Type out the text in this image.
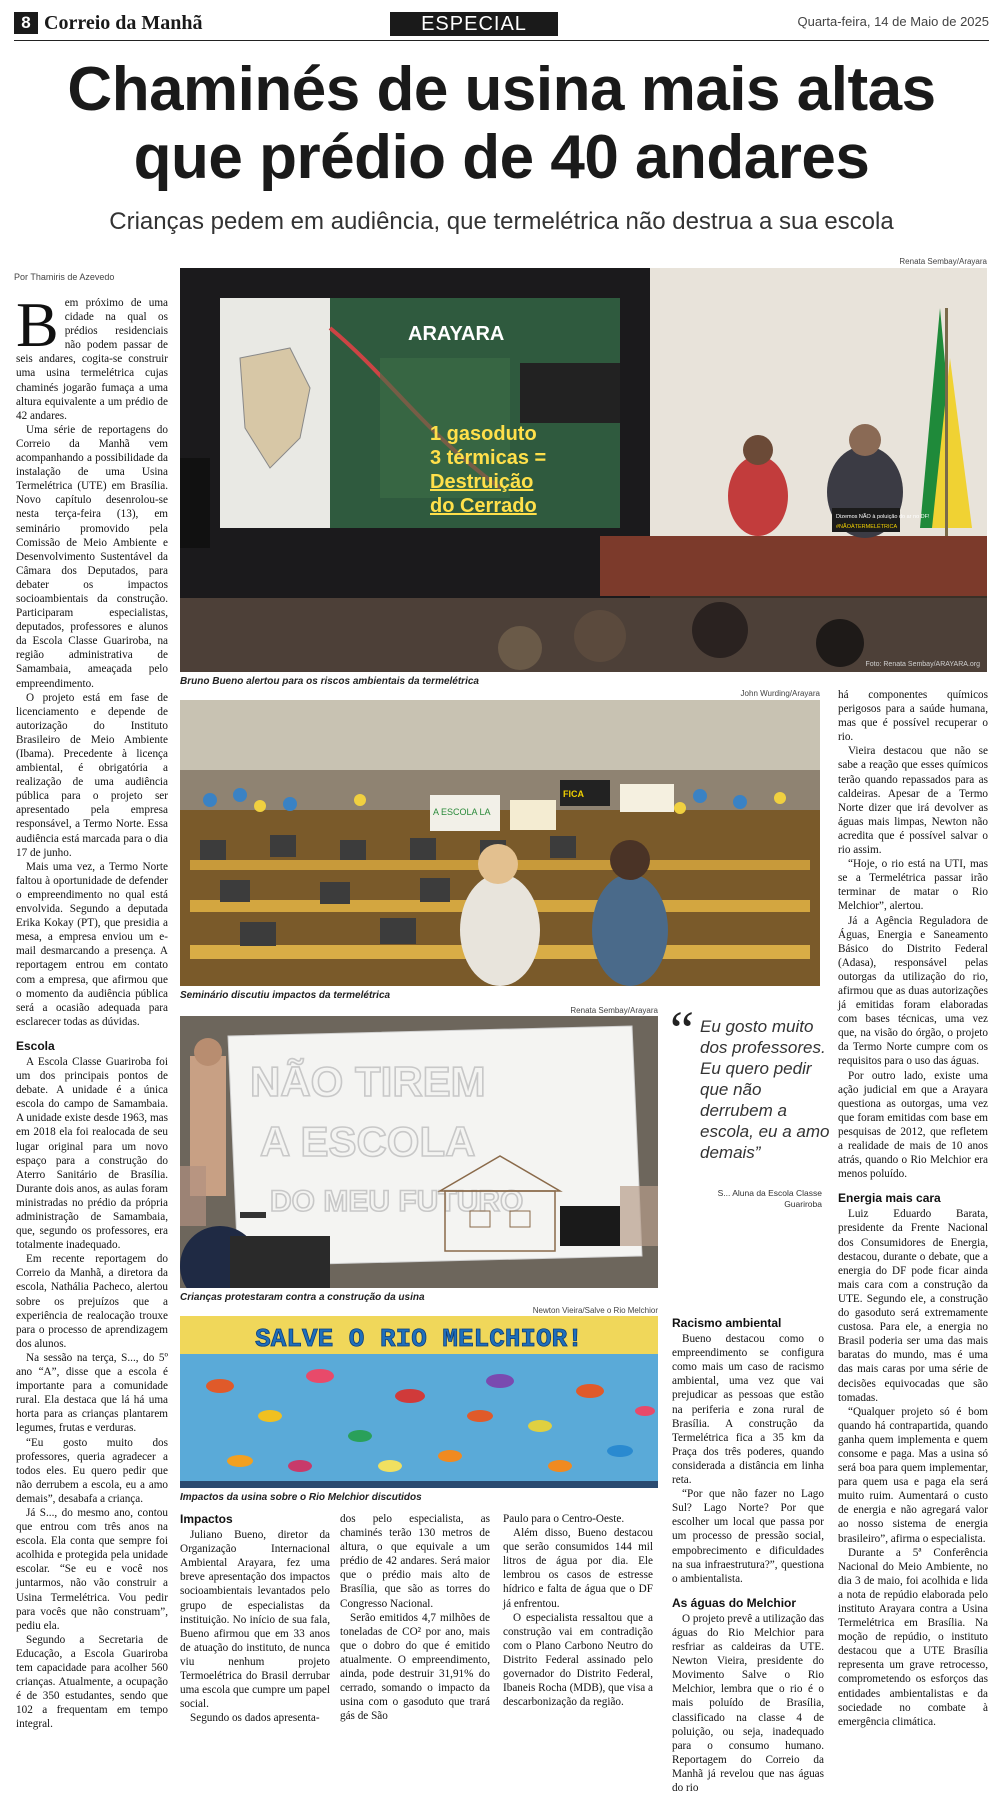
8 Correio da Manhã	ESPECIAL	Quarta-feira, 14 de Maio de 2025
Chaminés de usina mais altas
que prédio de 40 andares
Crianças pedem em audiência, que termelétrica não destrua a sua escola
Por Thamiris de Azevedo

Bem próximo de uma cidade na qual os prédios residenciais não podem passar de seis andares, cogita-se construir uma usina termelétrica cujas chaminés jogarão fumaça a uma altura equivalente a um prédio de 42 andares.

Uma série de reportagens do Correio da Manhã vem acompanhando a possibilidade da instalação de uma Usina Termelétrica (UTE) em Brasília. Novo capítulo desenrolou-se nesta terça-feira (13), em seminário promovido pela Comissão de Meio Ambiente e Desenvolvimento Sustentável da Câmara dos Deputados, para debater os impactos socioambientais da construção. Participaram especialistas, deputados, professores e alunos da Escola Classe Guariroba, na região administrativa de Samambaia, ameaçada pelo empreendimento.

O projeto está em fase de licenciamento e depende de autorização do Instituto Brasileiro de Meio Ambiente (Ibama). Precedente à licença ambiental, é obrigatória a realização de uma audiência pública para o projeto ser apresentado pela empresa responsável, a Termo Norte. Essa audiência está marcada para o dia 17 de junho.

Mais uma vez, a Termo Norte faltou à oportunidade de defender o empreendimento no qual está envolvida. Segundo a deputada Erika Kokay (PT), que presidia a mesa, a empresa enviou um e-mail desmarcando a presença. A reportagem entrou em contato com a empresa, que afirmou que o momento da audiência pública será a ocasião adequada para esclarecer todas as dúvidas.

Escola

A Escola Classe Guariroba foi um dos principais pontos de debate. A unidade é a única escola do campo de Samambaia. A unidade existe desde 1963, mas em 2018 ela foi realocada de seu lugar original para um novo espaço para a construção do Aterro Sanitário de Brasília. Durante dois anos, as aulas foram ministradas no prédio da própria administração de Samambaia, que, segundo os professores, era totalmente inadequado.

Em recente reportagem do Correio da Manhã, a diretora da escola, Nathália Pacheco, alertou sobre os prejuízos que a experiência de realocação trouxe para o processo de aprendizagem dos alunos.

Na sessão na terça, S..., do 5º ano “A”, disse que a escola é importante para a comunidade rural. Ela destaca que lá há uma horta para as crianças plantarem legumes, frutas e verduras.

“Eu gosto muito dos professores, queria agradecer a todos eles. Eu quero pedir que não derrubem a escola, eu a amo demais”, desabafa a criança.

Já S..., do mesmo ano, contou que entrou com três anos na escola. Ela conta que sempre foi acolhida e protegida pela unidade escolar. “Se eu e você nos juntarmos, não vão construir a Usina Termelétrica. Vou pedir para vocês que não construam”, pediu ela.

Segundo a Secretaria de Educação, a Escola Guariroba tem capacidade para acolher 560 crianças. Atualmente, a ocupação é de 350 estudantes, sendo que 102 a frequentam em tempo integral.

Renata Sembay/Arayara
ARAYARA
1 gasoduto
3 térmicas =
Destruição
do Cerrado	Dizemos NÃO à poluição do ar no DF!
#NÃOÀTERMELÉTRICA
Foto: Renata Sembay/ARAYARA.org
Bruno Bueno alertou para os riscos ambientais da termelétrica
John Wurding/Arayara
FICA
A ESCOLA LA
Seminário discutiu impactos da termelétrica
Renata Sembay/Arayara
NÃO TIREM
A ESCOLA
DO MEU FUTURO
Crianças protestaram contra a construção da usina
“ Eu gosto muito dos professores. Eu quero pedir que não derrubem a escola, eu a amo demais”
S... Aluna da Escola Classe Guariroba
Newton Vieira/Salve o Rio Melchior
SALVE O RIO MELCHIOR!
Impactos da usina sobre o Rio Melchior discutidos
Impactos

Juliano Bueno, diretor da Organização Internacional Ambiental Arayara, fez uma breve apresentação dos impactos socioambientais levantados pelo grupo de especialistas da instituição. No início de sua fala, Bueno afirmou que em 33 anos de atuação do instituto, de nunca viu nenhum projeto Termoelétrica do Brasil derrubar uma escola que cumpre um papel social.

Segundo os dados apresenta-

dos pelo especialista, as chaminés terão 130 metros de altura, o que equivale a um prédio de 42 andares. Será maior que o prédio mais alto de Brasília, que são as torres do Congresso Nacional.

Serão emitidos 4,7 milhões de toneladas de CO² por ano, mais que o dobro do que é emitido atualmente. O empreendimento, ainda, pode destruir 31,91% do cerrado, somando o impacto da usina com o gasoduto que trará gás de São

Paulo para o Centro-Oeste.

Além disso, Bueno destacou que serão consumidos 144 mil litros de água por dia. Ele lembrou os casos de estresse hídrico e falta de água que o DF já enfrentou.

O especialista ressaltou que a construção vai em contradição com o Plano Carbono Neutro do Distrito Federal assinado pelo governador do Distrito Federal, Ibaneis Rocha (MDB), que visa a descarbonização da região.

Racismo ambiental

Bueno destacou como o empreendimento se configura como mais um caso de racismo ambiental, uma vez que vai prejudicar as pessoas que estão na periferia e zona rural de Brasília. A construção da Termelétrica fica a 35 km da Praça dos três poderes, quando considerada a distância em linha reta.

“Por que não fazer no Lago Sul? Lago Norte? Por que escolher um local que passa por um processo de pressão social, empobrecimento e dificuldades na sua infraestrutura?”, questiona o ambientalista.

As águas do Melchior

O projeto prevê a utilização das águas do Rio Melchior para resfriar as caldeiras da UTE. Newton Vieira, presidente do Movimento Salve o Rio Melchior, lembra que o rio é o mais poluído de Brasília, classificado na classe 4 de poluição, ou seja, inadequado para o consumo humano. Reportagem do Correio da Manhã já revelou que nas águas do rio

há componentes químicos perigosos para a saúde humana, mas que é possível recuperar o rio.

Vieira destacou que não se sabe a reação que esses químicos terão quando repassados para as caldeiras. Apesar de a Termo Norte dizer que irá devolver as águas mais limpas, Newton não acredita que é possível salvar o rio assim.

“Hoje, o rio está na UTI, mas se a Termelétrica passar irão terminar de matar o Rio Melchior”, alertou.

Já a Agência Reguladora de Águas, Energia e Saneamento Básico do Distrito Federal (Adasa), responsável pelas outorgas da utilização do rio, afirmou que as duas autorizações já emitidas foram elaboradas com bases técnicas, uma vez que, na visão do órgão, o projeto da Termo Norte cumpre com os requisitos para o uso das águas.

Por outro lado, existe uma ação judicial em que a Arayara questiona as outorgas, uma vez que foram emitidas com base em pesquisas de 2012, que refletem a realidade de mais de 10 anos atrás, quando o Rio Melchior era menos poluído.

Energia mais cara

Luiz Eduardo Barata, presidente da Frente Nacional dos Consumidores de Energia, destacou, durante o debate, que a energia do DF pode ficar ainda mais cara com a construção da UTE. Segundo ele, a construção do gasoduto será extremamente custosa. Para ele, a energia no Brasil poderia ser uma das mais baratas do mundo, mas é uma das mais caras por uma série de decisões equivocadas que são tomadas.

“Qualquer projeto só é bom quando há contrapartida, quando ganha quem implementa e quem consome e paga. Mas a usina só será boa para quem implementar, para quem usa e paga ela será muito ruim. Aumentará o custo de energia e não agregará valor ao nosso sistema de energia brasileiro”, afirma o especialista.

Durante a 5ª Conferência Nacional do Meio Ambiente, no dia 3 de maio, foi acolhida e lida a nota de repúdio elaborada pelo instituto Arayara contra a Usina Termelétrica em Brasília. Na moção de repúdio, o instituto destacou que a UTE Brasília representa um grave retrocesso, comprometendo os esforços das entidades ambientalistas e da sociedade no combate à emergência climática.
